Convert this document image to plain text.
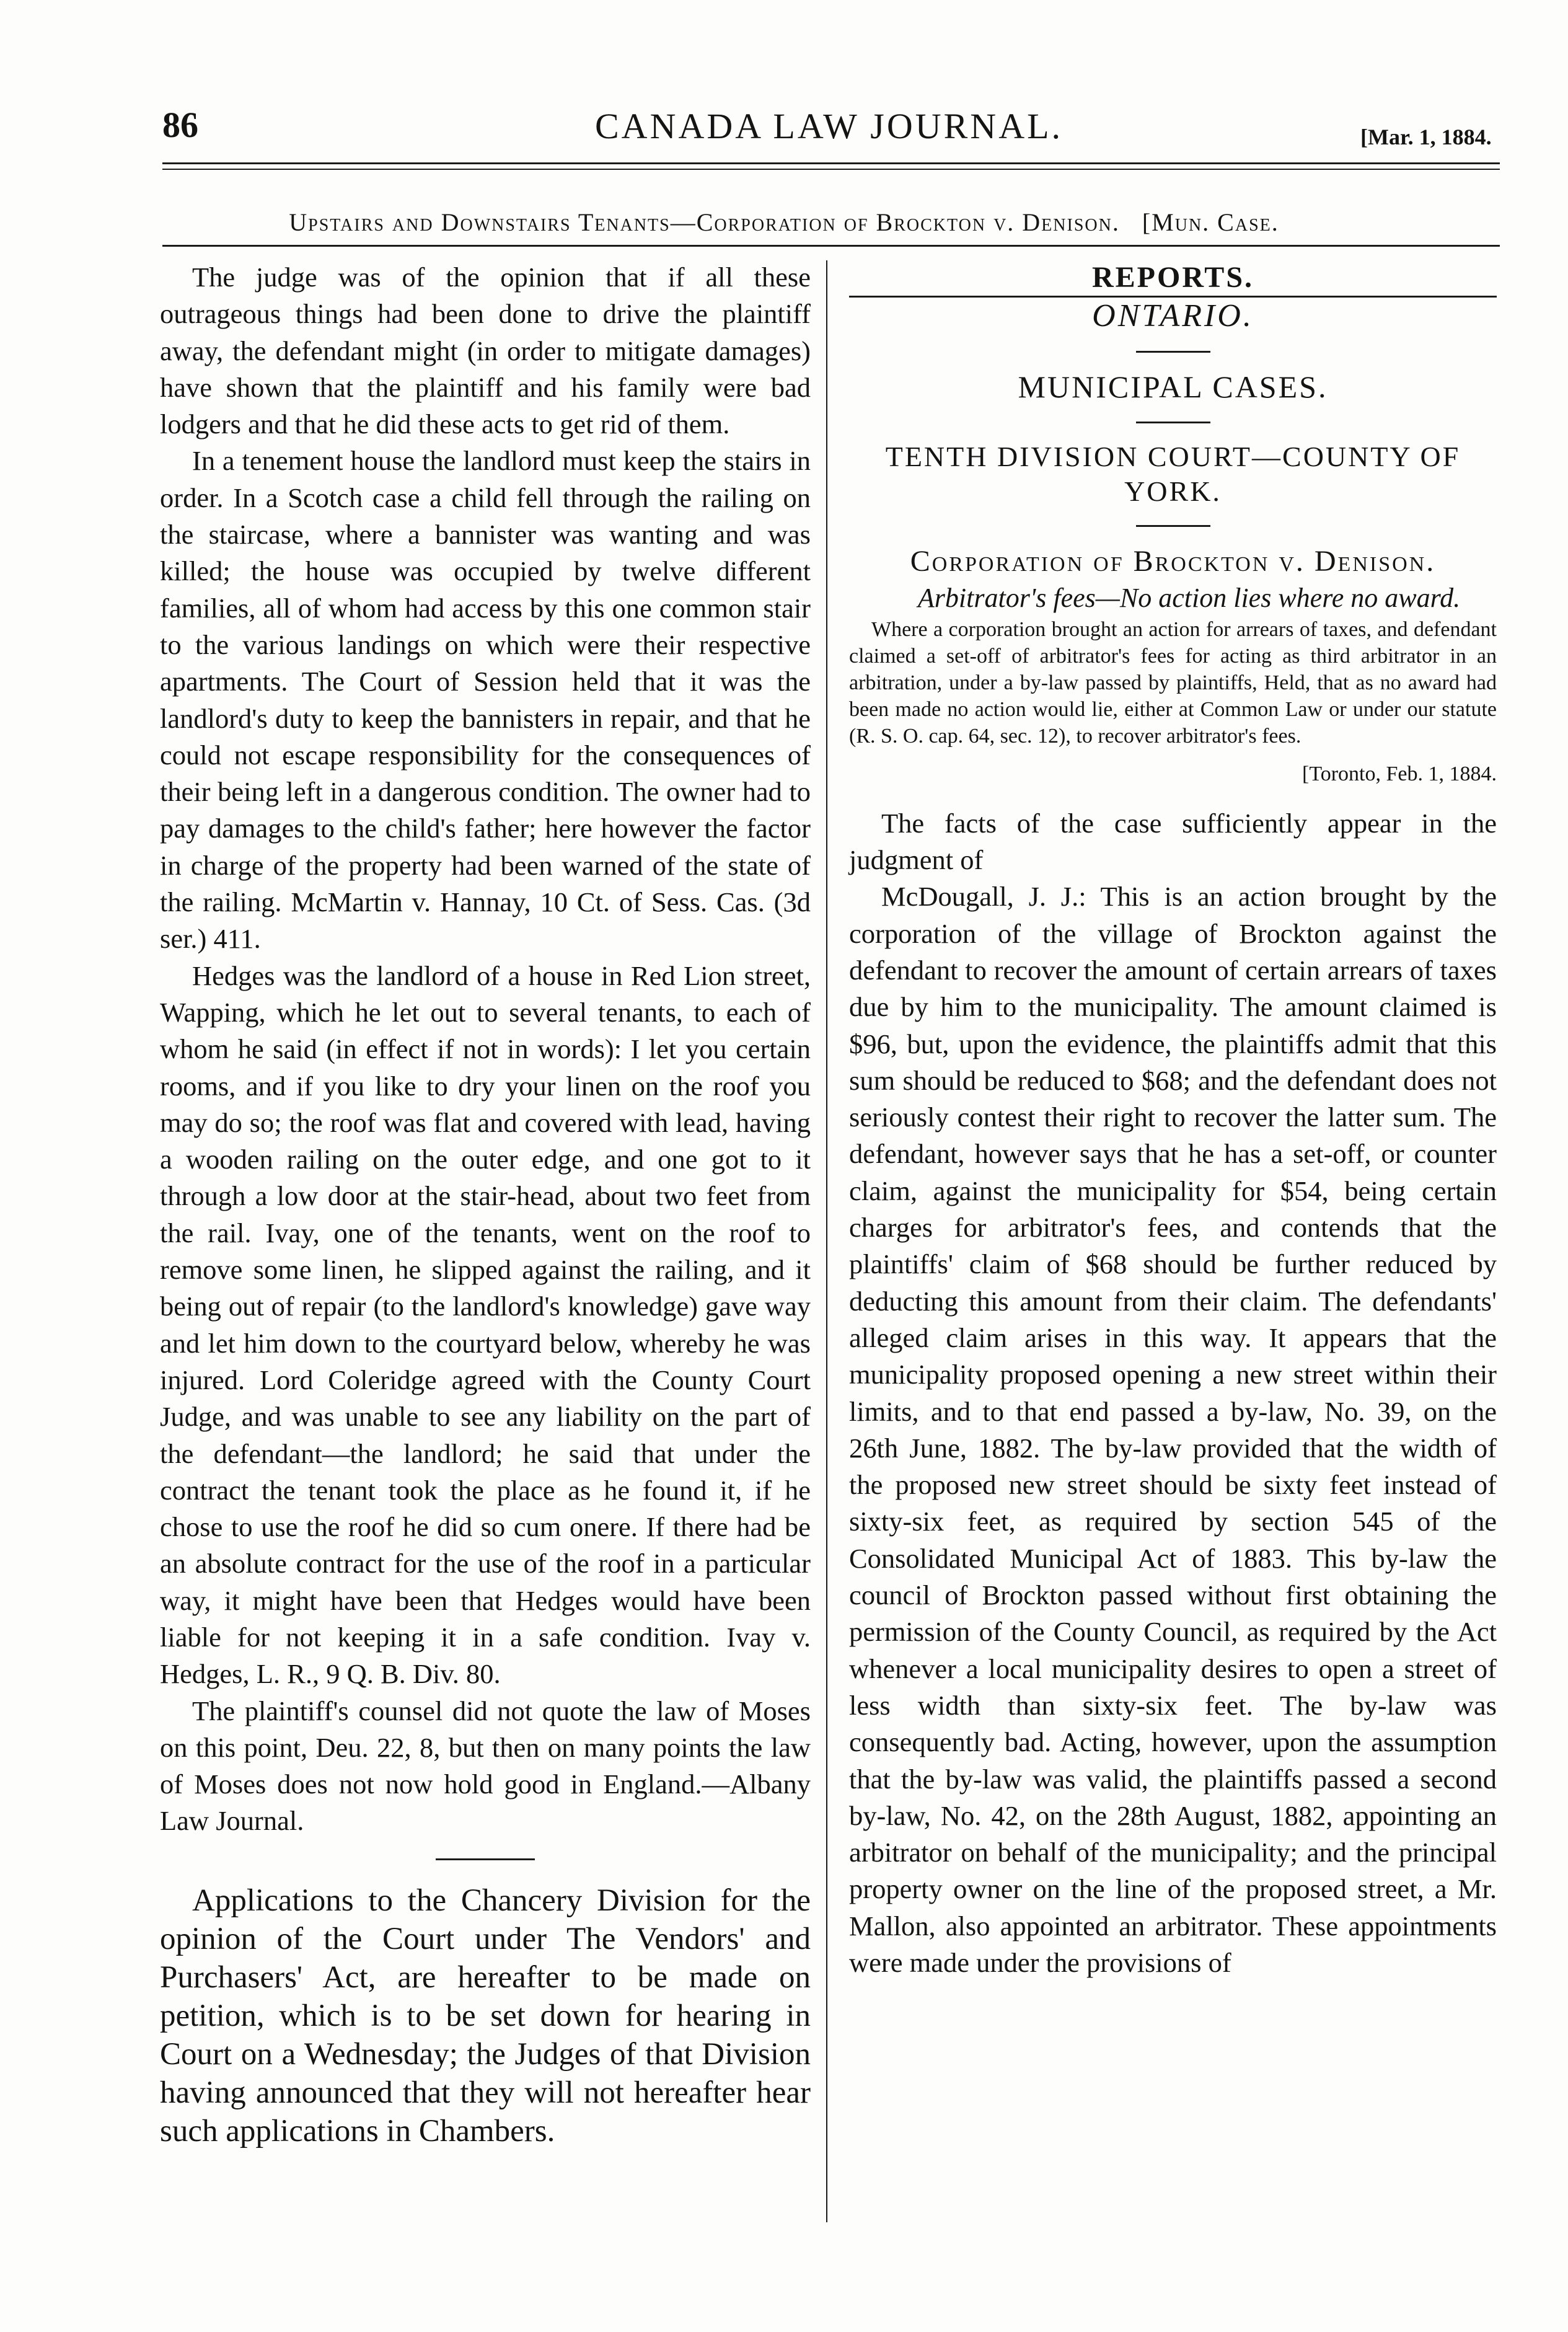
86	CANADA LAW JOURNAL.	[Mar. 1, 1884.
Upstairs and Downstairs Tenants—Corporation of Brockton v. Denison. [Mun. Case.

The judge was of the opinion that if all these outrageous things had been done to drive the plaintiff away, the defendant might (in order to mitigate damages) have shown that the plaintiff and his family were bad lodgers and that he did these acts to get rid of them.

In a tenement house the landlord must keep the stairs in order. In a Scotch case a child fell through the railing on the staircase, where a bannister was wanting and was killed; the house was occupied by twelve different families, all of whom had access by this one common stair to the various landings on which were their respective apartments. The Court of Session held that it was the landlord's duty to keep the bannisters in repair, and that he could not escape responsibility for the consequences of their being left in a dangerous condition. The owner had to pay damages to the child's father; here however the factor in charge of the property had been warned of the state of the railing. McMartin v. Hannay, 10 Ct. of Sess. Cas. (3d ser.) 411.

Hedges was the landlord of a house in Red Lion street, Wapping, which he let out to several tenants, to each of whom he said (in effect if not in words): I let you certain rooms, and if you like to dry your linen on the roof you may do so; the roof was flat and covered with lead, having a wooden railing on the outer edge, and one got to it through a low door at the stair-head, about two feet from the rail. Ivay, one of the tenants, went on the roof to remove some linen, he slipped against the railing, and it being out of repair (to the landlord's knowledge) gave way and let him down to the courtyard below, whereby he was injured. Lord Coleridge agreed with the County Court Judge, and was unable to see any liability on the part of the defendant—the landlord; he said that under the contract the tenant took the place as he found it, if he chose to use the roof he did so cum onere. If there had be an absolute contract for the use of the roof in a particular way, it might have been that Hedges would have been liable for not keeping it in a safe condition. Ivay v. Hedges, L. R., 9 Q. B. Div. 80.

The plaintiff's counsel did not quote the law of Moses on this point, Deu. 22, 8, but then on many points the law of Moses does not now hold good in England.—Albany Law Journal.

Applications to the Chancery Division for the opinion of the Court under The Vendors' and Purchasers' Act, are hereafter to be made on petition, which is to be set down for hearing in Court on a Wednesday; the Judges of that Division having announced that they will not hereafter hear such applications in Chambers.

REPORTS.

ONTARIO.

MUNICIPAL CASES.

TENTH DIVISION COURT—COUNTY OF YORK.

Corporation of Brockton v. Denison.

Arbitrator's fees—No action lies where no award.

Where a corporation brought an action for arrears of taxes, and defendant claimed a set-off of arbitrator's fees for acting as third arbitrator in an arbitration, under a by-law passed by plaintiffs, Held, that as no award had been made no action would lie, either at Common Law or under our statute (R. S. O. cap. 64, sec. 12), to recover arbitrator's fees.

[Toronto, Feb. 1, 1884.

The facts of the case sufficiently appear in the judgment of

McDougall, J. J.: This is an action brought by the corporation of the village of Brockton against the defendant to recover the amount of certain arrears of taxes due by him to the municipality. The amount claimed is $96, but, upon the evidence, the plaintiffs admit that this sum should be reduced to $68; and the defendant does not seriously contest their right to recover the latter sum. The defendant, however says that he has a set-off, or counter claim, against the municipality for $54, being certain charges for arbitrator's fees, and contends that the plaintiffs' claim of $68 should be further reduced by deducting this amount from their claim. The defendants' alleged claim arises in this way. It appears that the municipality proposed opening a new street within their limits, and to that end passed a by-law, No. 39, on the 26th June, 1882. The by-law provided that the width of the proposed new street should be sixty feet instead of sixty-six feet, as required by section 545 of the Consolidated Municipal Act of 1883. This by-law the council of Brockton passed without first obtaining the permission of the County Council, as required by the Act whenever a local municipality desires to open a street of less width than sixty-six feet. The by-law was consequently bad. Acting, however, upon the assumption that the by-law was valid, the plaintiffs passed a second by-law, No. 42, on the 28th August, 1882, appointing an arbitrator on behalf of the municipality; and the principal property owner on the line of the proposed street, a Mr. Mallon, also appointed an arbitrator. These appointments were made under the provisions of
